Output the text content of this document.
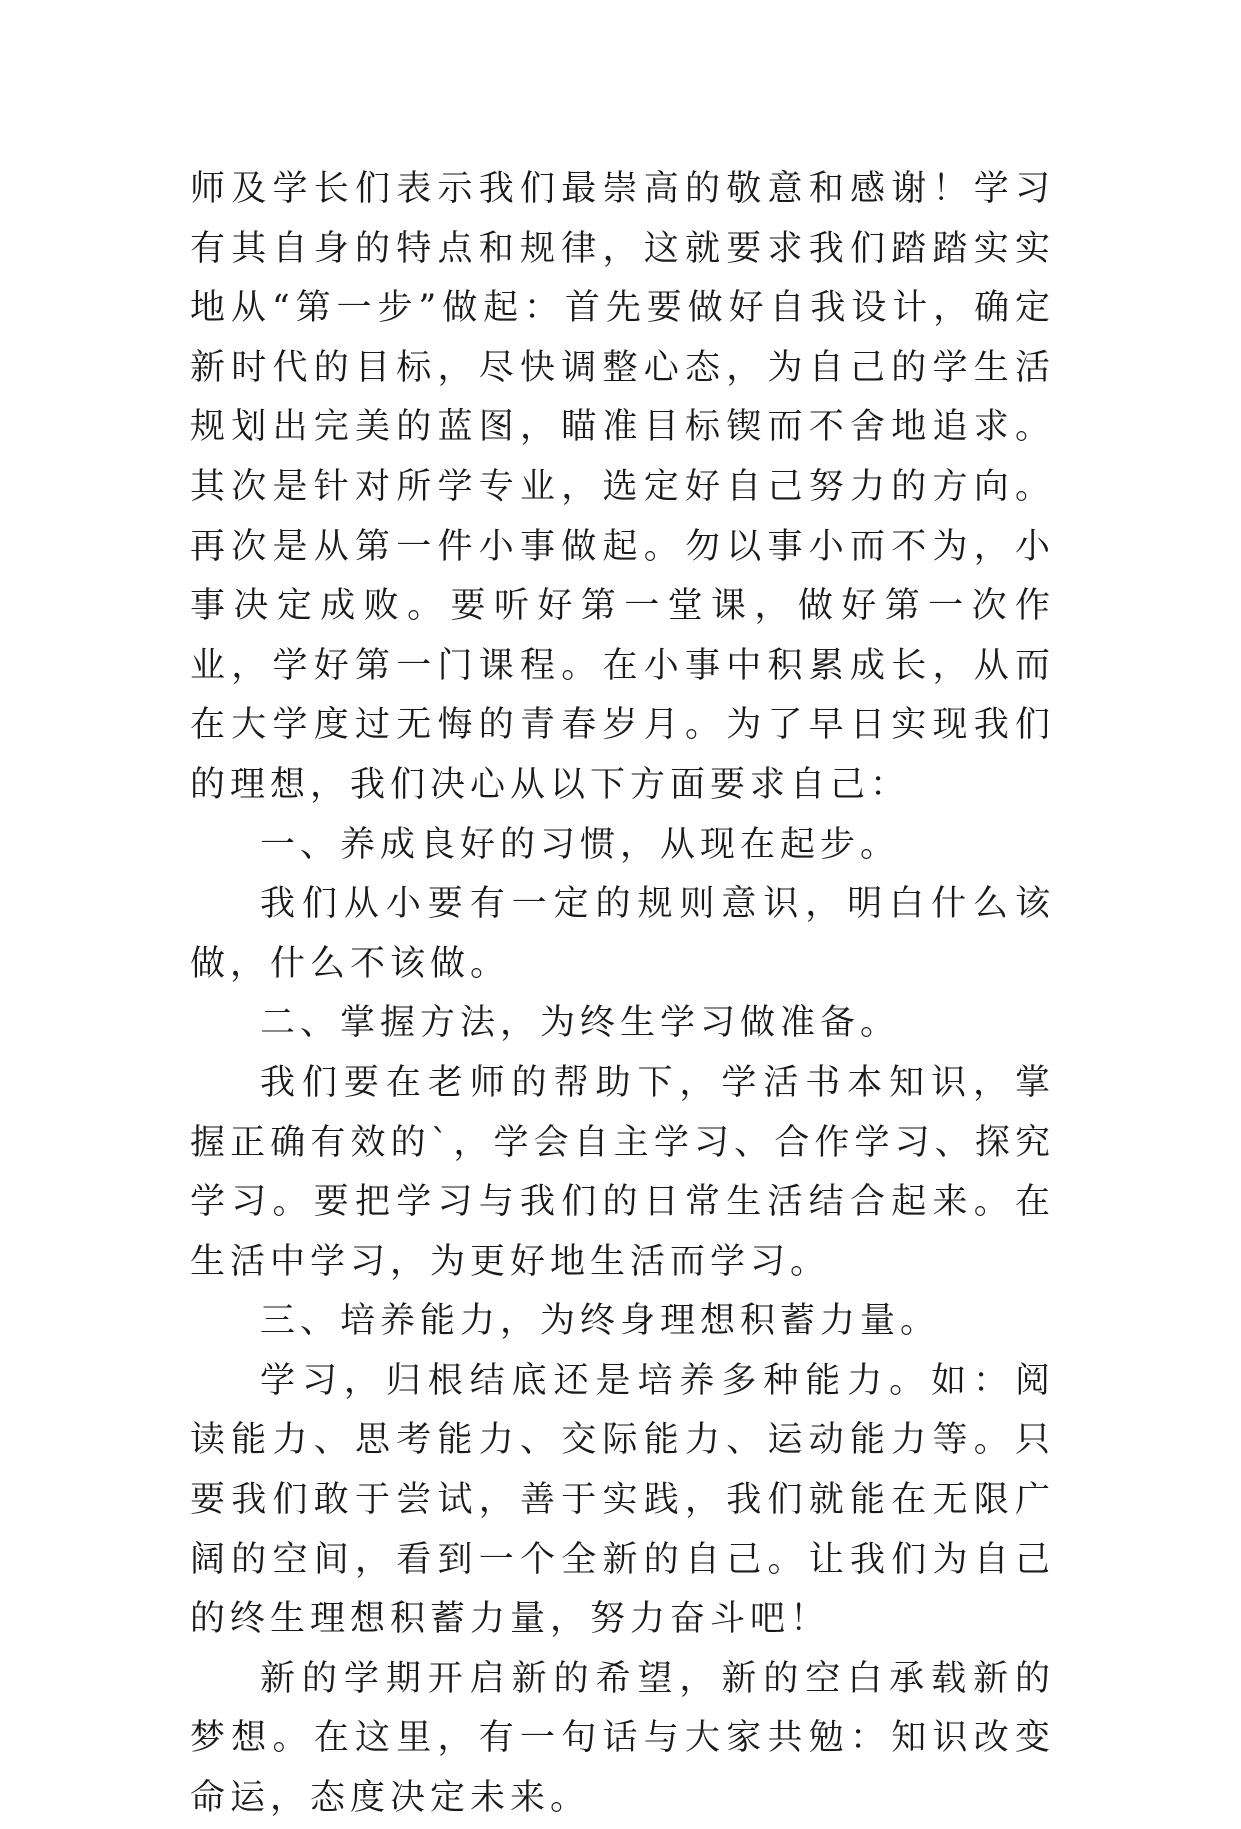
师及学长们表示我们最崇高的敬意和感谢！学习有其自身的特点和规律，这就要求我们踏踏实实地从“第一步”做起：首先要做好自我设计，确定新时代的目标，尽快调整心态，为自己的学生活规划出完美的蓝图，瞄准目标锲而不舍地追求。其次是针对所学专业，选定好自己努力的方向。再次是从第一件小事做起。勿以事小而不为，小事决定成败。要听好第一堂课，做好第一次作业，学好第一门课程。在小事中积累成长，从而在大学度过无悔的青春岁月。为了早日实现我们的理想，我们决心从以下方面要求自己：

一、养成良好的习惯，从现在起步。

我们从小要有一定的规则意识，明白什么该做，什么不该做。

二、掌握方法，为终生学习做准备。

我们要在老师的帮助下，学活书本知识，掌握正确有效的`，学会自主学习、合作学习、探究学习。要把学习与我们的日常生活结合起来。在生活中学习，为更好地生活而学习。

三、培养能力，为终身理想积蓄力量。

学习，归根结底还是培养多种能力。如：阅读能力、思考能力、交际能力、运动能力等。只要我们敢于尝试，善于实践，我们就能在无限广阔的空间，看到一个全新的自己。让我们为自己的终生理想积蓄力量，努力奋斗吧！

新的学期开启新的希望，新的空白承载新的梦想。在这里，有一句话与大家共勉：知识改变命运，态度决定未来。
